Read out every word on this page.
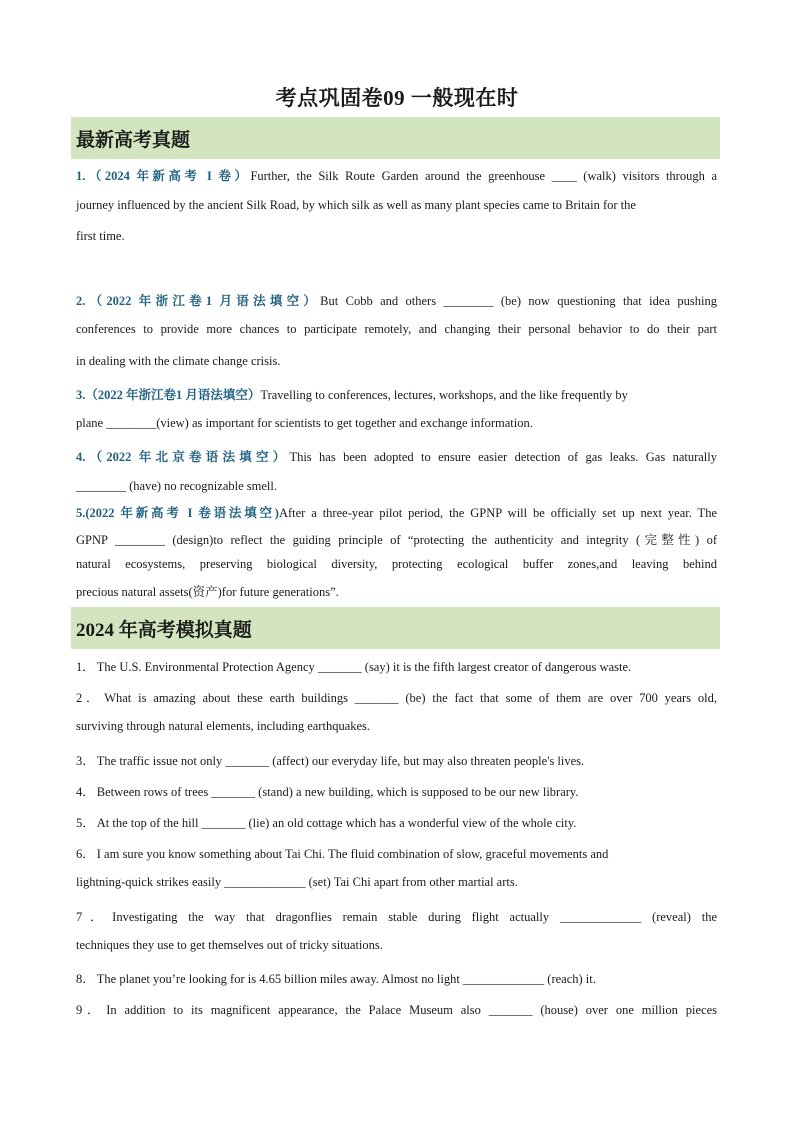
考点巩固卷09 一般现在时
最新高考真题
1.（2024 年新高考 I 卷）Further, the Silk Route Garden around the greenhouse ____ (walk) visitors through a
journey influenced by the ancient Silk Road, by which silk as well as many plant species came to Britain for the
first time.
2.（2022 年浙江卷1 月语法填空）But Cobb and others ________ (be) now questioning that idea pushing
conferences to provide more chances to participate remotely, and changing their personal behavior to do their part
in dealing with the climate change crisis.
3.（2022 年浙江卷1 月语法填空）Travelling to conferences, lectures, workshops, and the like frequently by
plane ________(view) as important for scientists to get together and exchange information.
4.（2022 年北京卷语法填空）This has been adopted to ensure easier detection of gas leaks. Gas naturally
________ (have) no recognizable smell.
5.(2022 年新高考 I 卷语法填空)After a three-year pilot period, the GPNP will be officially set up next year. The
GPNP ________ (design)to reflect the guiding principle of “protecting the authenticity and integrity (完整性) of
natural ecosystems, preserving biological diversity, protecting ecological buffer zones,and leaving behind
precious natural assets(资产)for future generations”.
2024 年高考模拟真题
1． The U.S. Environmental Protection Agency _______ (say) it is the fifth largest creator of dangerous waste.
2． What is amazing about these earth buildings _______ (be) the fact that some of them are over 700 years old,
surviving through natural elements, including earthquakes.
3． The traffic issue not only _______ (affect) our everyday life, but may also threaten people's lives.
4． Between rows of trees _______ (stand) a new building, which is supposed to be our new library.
5． At the top of the hill _______ (lie) an old cottage which has a wonderful view of the whole city.
6． I am sure you know something about Tai Chi. The fluid combination of slow, graceful movements and
lightning-quick strikes easily _____________ (set) Tai Chi apart from other martial arts.
7． Investigating the way that dragonflies remain stable during flight actually _____________ (reveal) the
techniques they use to get themselves out of tricky situations.
8． The planet you’re looking for is 4.65 billion miles away. Almost no light _____________ (reach) it.
9． In addition to its magnificent appearance, the Palace Museum also _______ (house) over one million pieces
